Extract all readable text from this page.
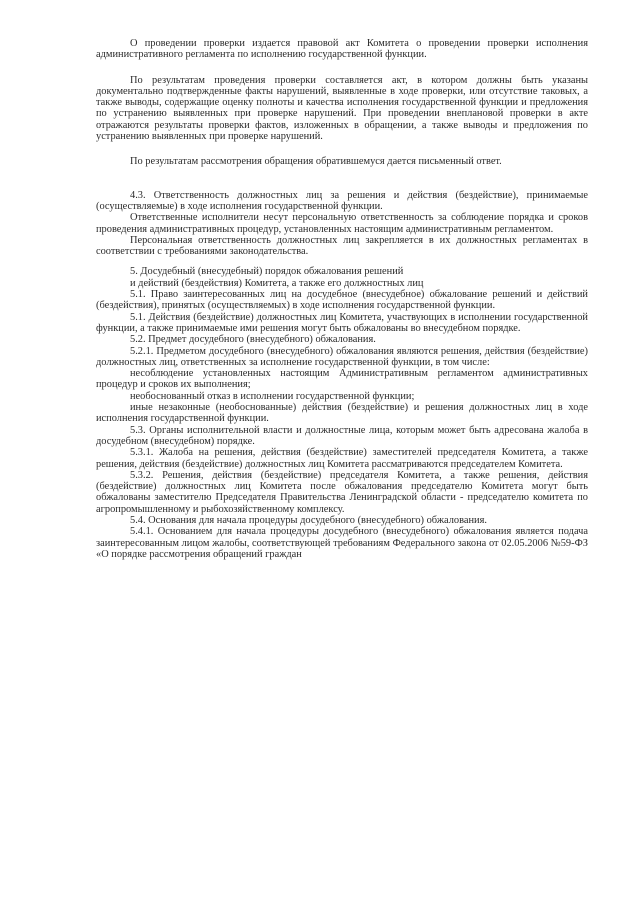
О проведении проверки издается правовой акт Комитета о проведении проверки исполнения административного регламента по исполнению государственной функции.

По результатам проведения проверки составляется акт, в котором должны быть указаны документально подтвержденные факты нарушений, выявленные в ходе проверки, или отсутствие таковых, а также выводы, содержащие оценку полноты и качества исполнения государственной функции и предложения по устранению выявленных при проверке нарушений. При проведении внеплановой проверки в акте отражаются результаты проверки фактов, изложенных в обращении, а также выводы и предложения по устранению выявленных при проверке нарушений.

По результатам рассмотрения обращения обратившемуся дается письменный ответ.

4.3. Ответственность должностных лиц за решения и действия (бездействие), принимаемые (осуществляемые) в ходе исполнения государственной функции.

Ответственные исполнители несут персональную ответственность за соблюдение порядка и сроков проведения административных процедур, установленных настоящим административным регламентом.

Персональная ответственность должностных лиц закрепляется в их должностных регламентах в соответствии с требованиями законодательства.

5. Досудебный (внесудебный) порядок обжалования решений

и действий (бездействия) Комитета, а также его должностных лиц

5.1. Право заинтересованных лиц на досудебное (внесудебное) обжалование решений и действий (бездействия), принятых (осуществляемых) в ходе исполнения государственной функции.

5.1. Действия (бездействие) должностных лиц Комитета, участвующих в исполнении государственной функции, а также принимаемые ими решения могут быть обжалованы во внесудебном порядке.

5.2. Предмет досудебного (внесудебного) обжалования.

5.2.1. Предметом досудебного (внесудебного) обжалования являются решения, действия (бездействие) должностных лиц, ответственных за исполнение государственной функции, в том числе:

несоблюдение установленных настоящим Административным регламентом административных процедур и сроков их выполнения;

необоснованный отказ в исполнении государственной функции;

иные незаконные (необоснованные) действия (бездействие) и решения должностных лиц в ходе исполнения государственной функции.

5.3. Органы исполнительной власти и должностные лица, которым может быть адресована жалоба в досудебном (внесудебном) порядке.

5.3.1. Жалоба на решения, действия (бездействие) заместителей председателя Комитета, а также решения, действия (бездействие) должностных лиц Комитета рассматриваются председателем Комитета.

5.3.2. Решения, действия (бездействие) председателя Комитета, а также решения, действия (бездействие) должностных лиц Комитета после обжалования председателю Комитета могут быть обжалованы заместителю Председателя Правительства Ленинградской области - председателю комитета по агропромышленному и рыбохозяйственному комплексу.

5.4. Основания для начала процедуры досудебного (внесудебного) обжалования.

5.4.1. Основанием для начала процедуры досудебного (внесудебного) обжалования является подача заинтересованным лицом жалобы, соответствующей требованиям Федерального закона от 02.05.2006 №59-ФЗ «О порядке рассмотрения обращений граждан
